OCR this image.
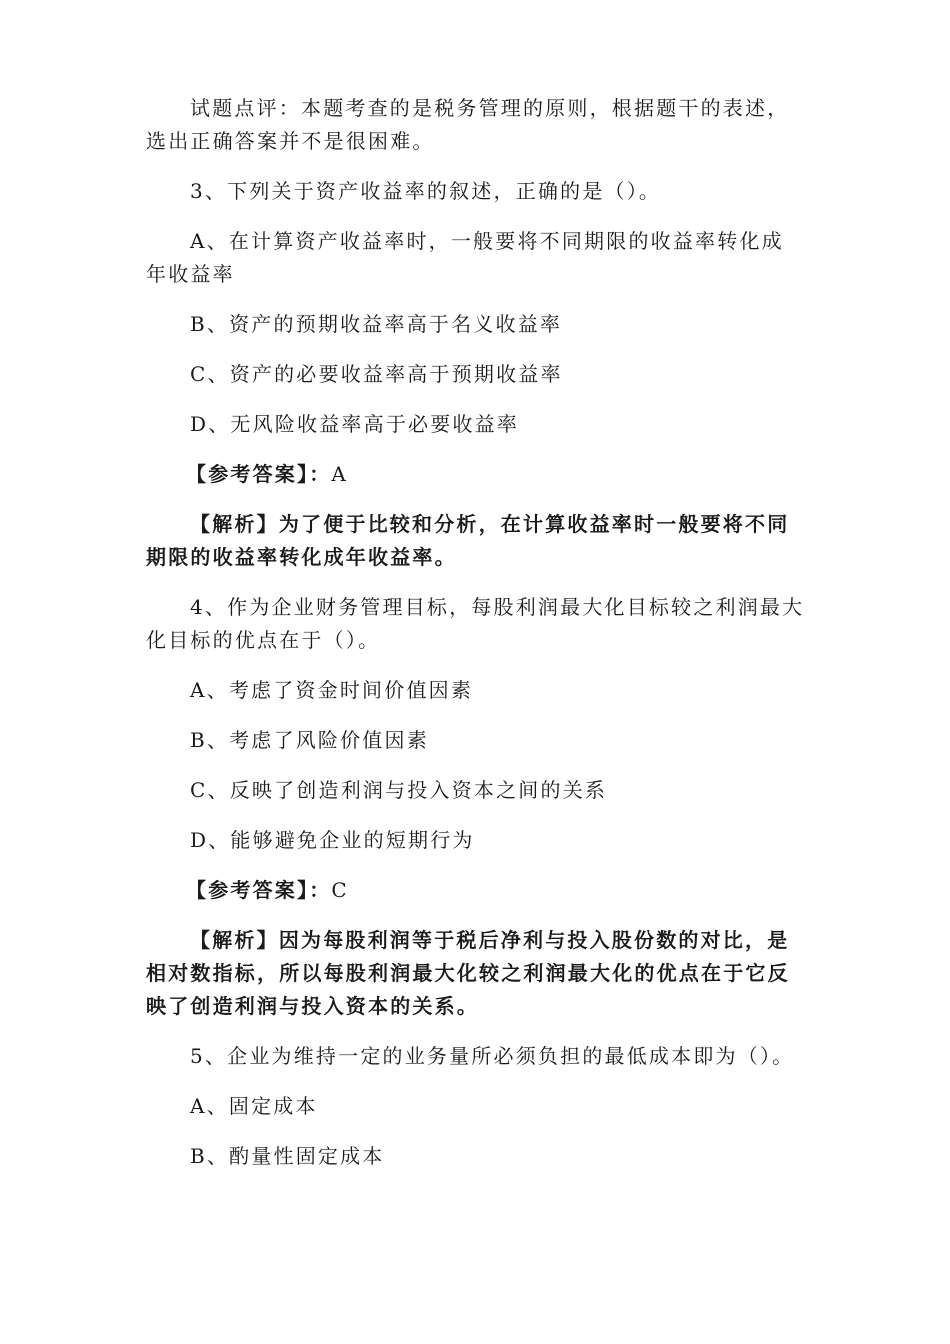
试题点评：本题考查的是税务管理的原则，根据题干的表述，选出正确答案并不是很困难。

3、下列关于资产收益率的叙述，正确的是（）。

A、在计算资产收益率时，一般要将不同期限的收益率转化成年收益率

B、资产的预期收益率高于名义收益率

C、资产的必要收益率高于预期收益率

D、无风险收益率高于必要收益率

【参考答案】：A

【解析】为了便于比较和分析，在计算收益率时一般要将不同期限的收益率转化成年收益率。

4、作为企业财务管理目标，每股利润最大化目标较之利润最大化目标的优点在于（）。

A、考虑了资金时间价值因素

B、考虑了风险价值因素

C、反映了创造利润与投入资本之间的关系

D、能够避免企业的短期行为

【参考答案】：C

【解析】因为每股利润等于税后净利与投入股份数的对比，是相对数指标，所以每股利润最大化较之利润最大化的优点在于它反映了创造利润与投入资本的关系。

5、企业为维持一定的业务量所必须负担的最低成本即为（）。

A、固定成本

B、酌量性固定成本
